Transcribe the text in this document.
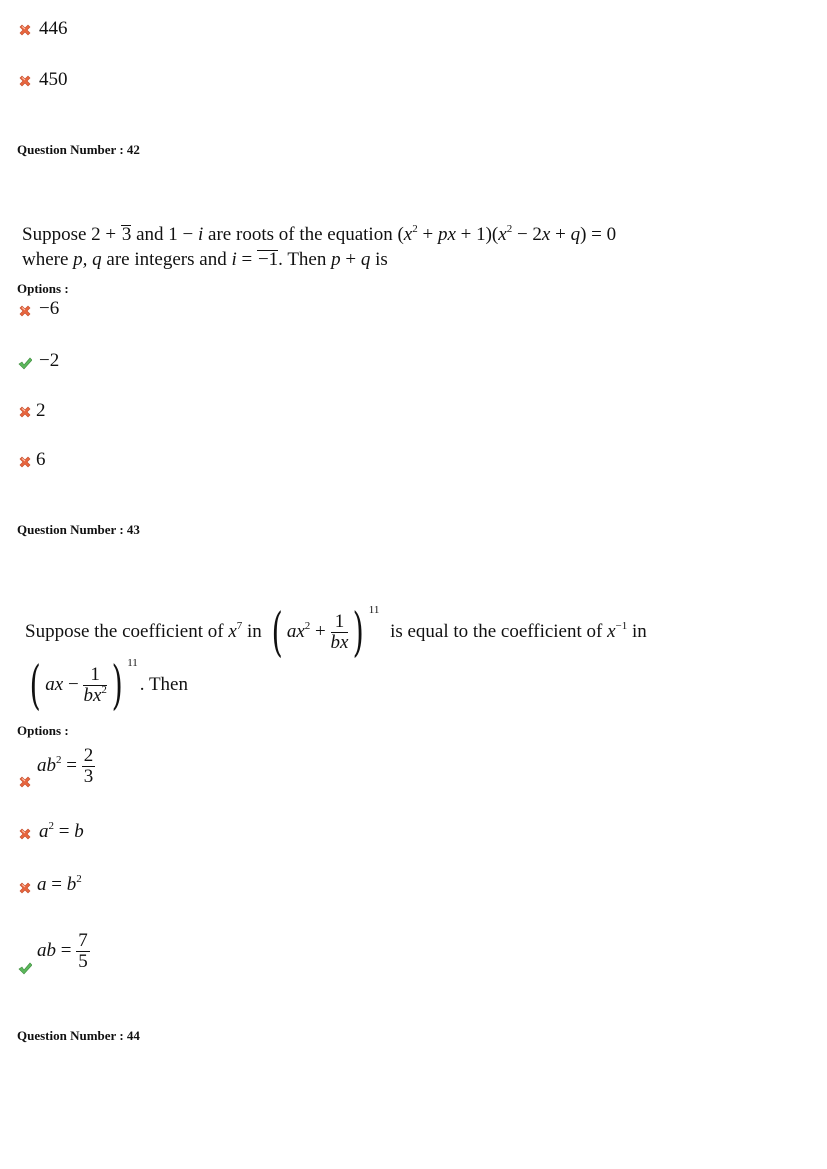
446
450
Question Number : 42
Suppose 2 + 3 and 1 − i are roots of the equation ($x^2$ + px + $1)(x^2 - 2x + q) = 0$
where p, q are integers and i = −1. Then p + q is
Options :
−6
−2
2
6
Question Number : 43
Suppose the coefficient of $x^7$ in ( $ax^2 + \frac{1}{bx}$ ) $^{11}$ is equal to the coefficient of $x^{-1}$ in
( ax − $\frac{1}{bx^2}$ ) $^{11}$. Then
Options :
$ab^2 = \frac{2}{3}$
$a^2 = b$
$a = b^2$
ab = $\frac{7}{5}$
Question Number : 44
